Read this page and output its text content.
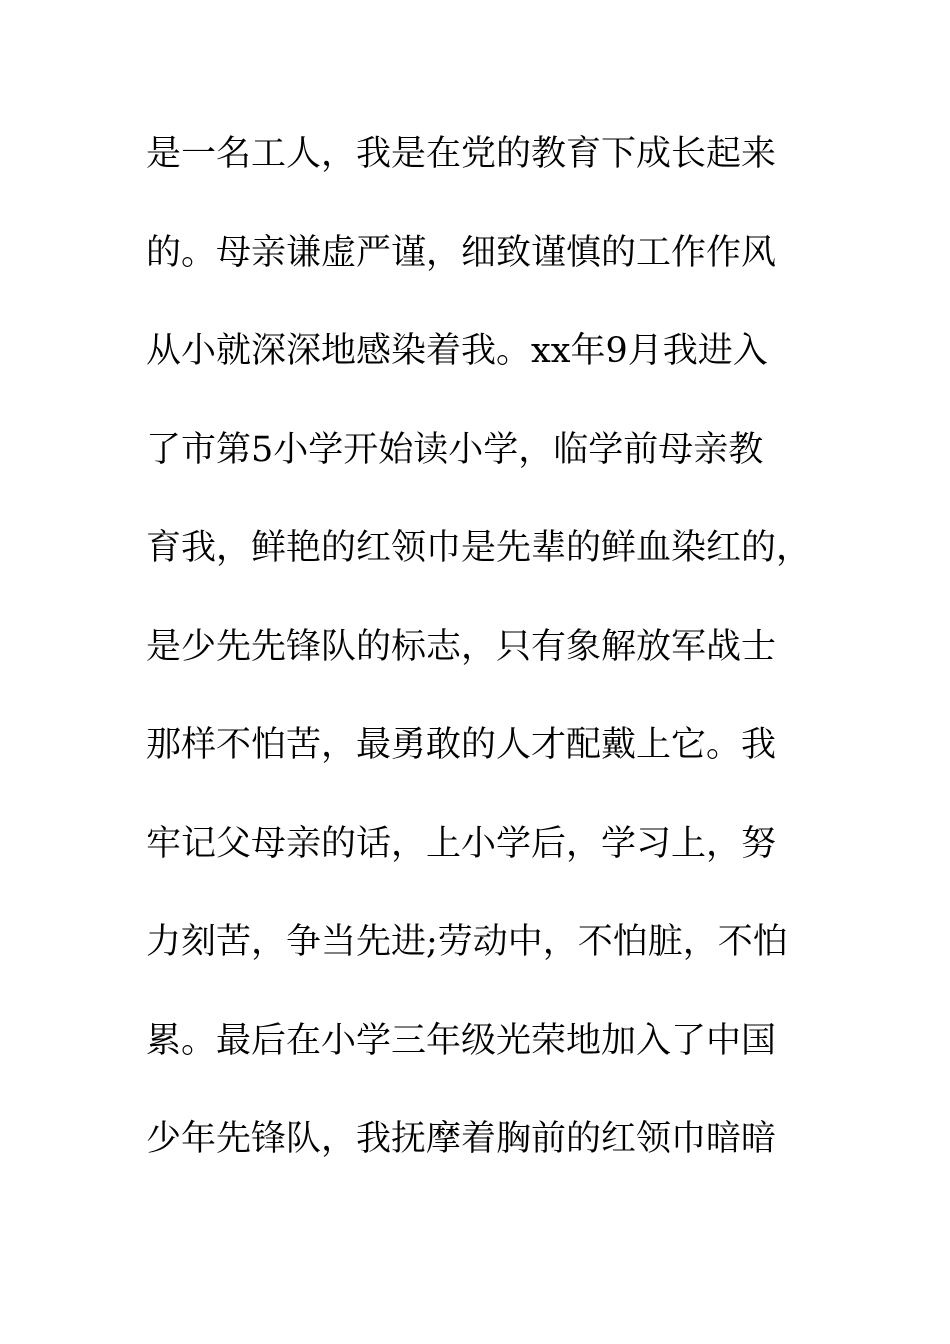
是一名工人，我是在党的教育下成长起来
的。母亲谦虚严谨，细致谨慎的工作作风
从小就深深地感染着我。xx年9月我进入
了市第5小学开始读小学，临学前母亲教
育我，鲜艳的红领巾是先辈的鲜血染红的，
是少先先锋队的标志，只有象解放军战士
那样不怕苦，最勇敢的人才配戴上它。我
牢记父母亲的话，上小学后，学习上，努
力刻苦，争当先进;劳动中，不怕脏，不怕
累。最后在小学三年级光荣地加入了中国
少年先锋队，我抚摩着胸前的红领巾暗暗
